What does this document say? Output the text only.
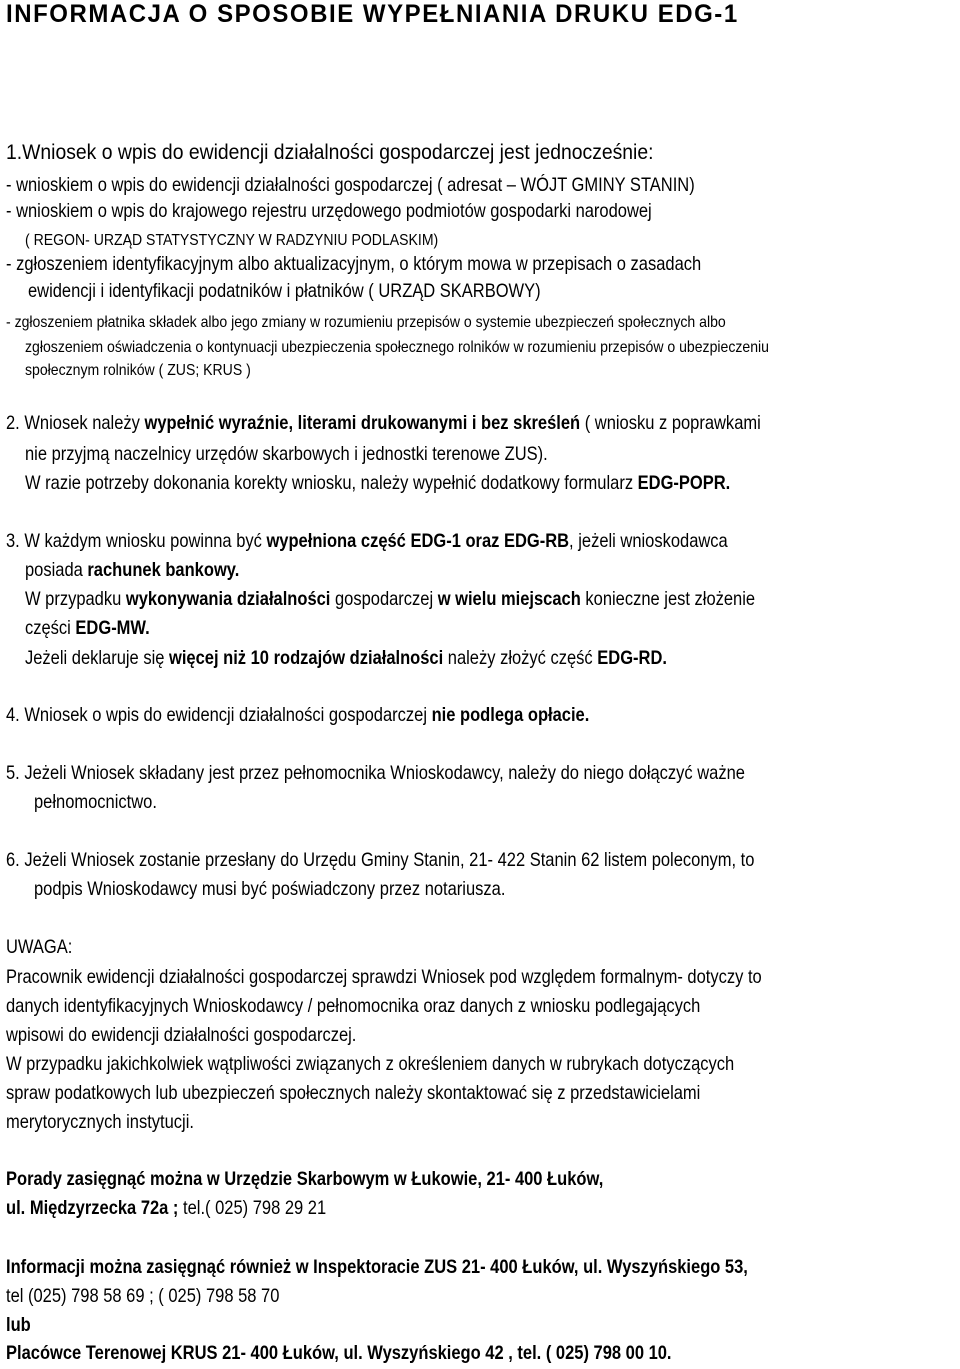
INFORMACJA O SPOSOBIE WYPEŁNIANIA DRUKU EDG-1
1.Wniosek o wpis do ewidencji działalności gospodarczej jest jednocześnie:
- wnioskiem o wpis do ewidencji działalności gospodarczej ( adresat – WÓJT GMINY STANIN)
- wnioskiem o wpis do krajowego rejestru urzędowego podmiotów gospodarki narodowej
( REGON- URZĄD STATYSTYCZNY W RADZYNIU PODLASKIM)
- zgłoszeniem identyfikacyjnym albo aktualizacyjnym, o którym mowa w przepisach o zasadach
ewidencji i identyfikacji podatników i płatników ( URZĄD SKARBOWY)
- zgłoszeniem płatnika składek albo jego zmiany w rozumieniu przepisów o systemie ubezpieczeń społecznych albo
zgłoszeniem oświadczenia o kontynuacji ubezpieczenia społecznego rolników w rozumieniu przepisów o ubezpieczeniu
społecznym rolników ( ZUS; KRUS )
2. Wniosek należy wypełnić wyraźnie, literami drukowanymi i bez skreśleń ( wniosku z poprawkami
nie przyjmą naczelnicy urzędów skarbowych i jednostki terenowe ZUS).
W razie potrzeby dokonania korekty wniosku, należy wypełnić dodatkowy formularz EDG-POPR.
3. W każdym wniosku powinna być wypełniona część EDG-1 oraz EDG-RB, jeżeli wnioskodawca
posiada rachunek bankowy.
W przypadku wykonywania działalności gospodarczej w wielu miejscach konieczne jest złożenie
części EDG-MW.
Jeżeli deklaruje się więcej niż 10 rodzajów działalności należy złożyć część EDG-RD.
4. Wniosek o wpis do ewidencji działalności gospodarczej nie podlega opłacie.
5. Jeżeli Wniosek składany jest przez pełnomocnika Wnioskodawcy, należy do niego dołączyć ważne
pełnomocnictwo.
6. Jeżeli Wniosek zostanie przesłany do Urzędu Gminy Stanin, 21- 422 Stanin 62 listem poleconym, to
podpis Wnioskodawcy musi być poświadczony przez notariusza.
UWAGA:
Pracownik ewidencji działalności gospodarczej sprawdzi Wniosek pod względem formalnym- dotyczy to
danych identyfikacyjnych Wnioskodawcy / pełnomocnika oraz danych z wniosku podlegających
wpisowi do ewidencji działalności gospodarczej.
W przypadku jakichkolwiek wątpliwości związanych z określeniem danych w rubrykach dotyczących
spraw podatkowych lub ubezpieczeń społecznych należy skontaktować się z przedstawicielami
merytorycznych instytucji.
Porady zasięgnąć można w Urzędzie Skarbowym w Łukowie, 21- 400 Łuków,
ul. Międzyrzecka 72a ; tel.( 025) 798 29 21
Informacji można zasięgnąć również w Inspektoracie ZUS 21- 400 Łuków, ul. Wyszyńskiego 53,
tel (025) 798 58 69 ; ( 025) 798 58 70
lub
Placówce Terenowej KRUS 21- 400 Łuków, ul. Wyszyńskiego 42 , tel. ( 025) 798 00 10.
